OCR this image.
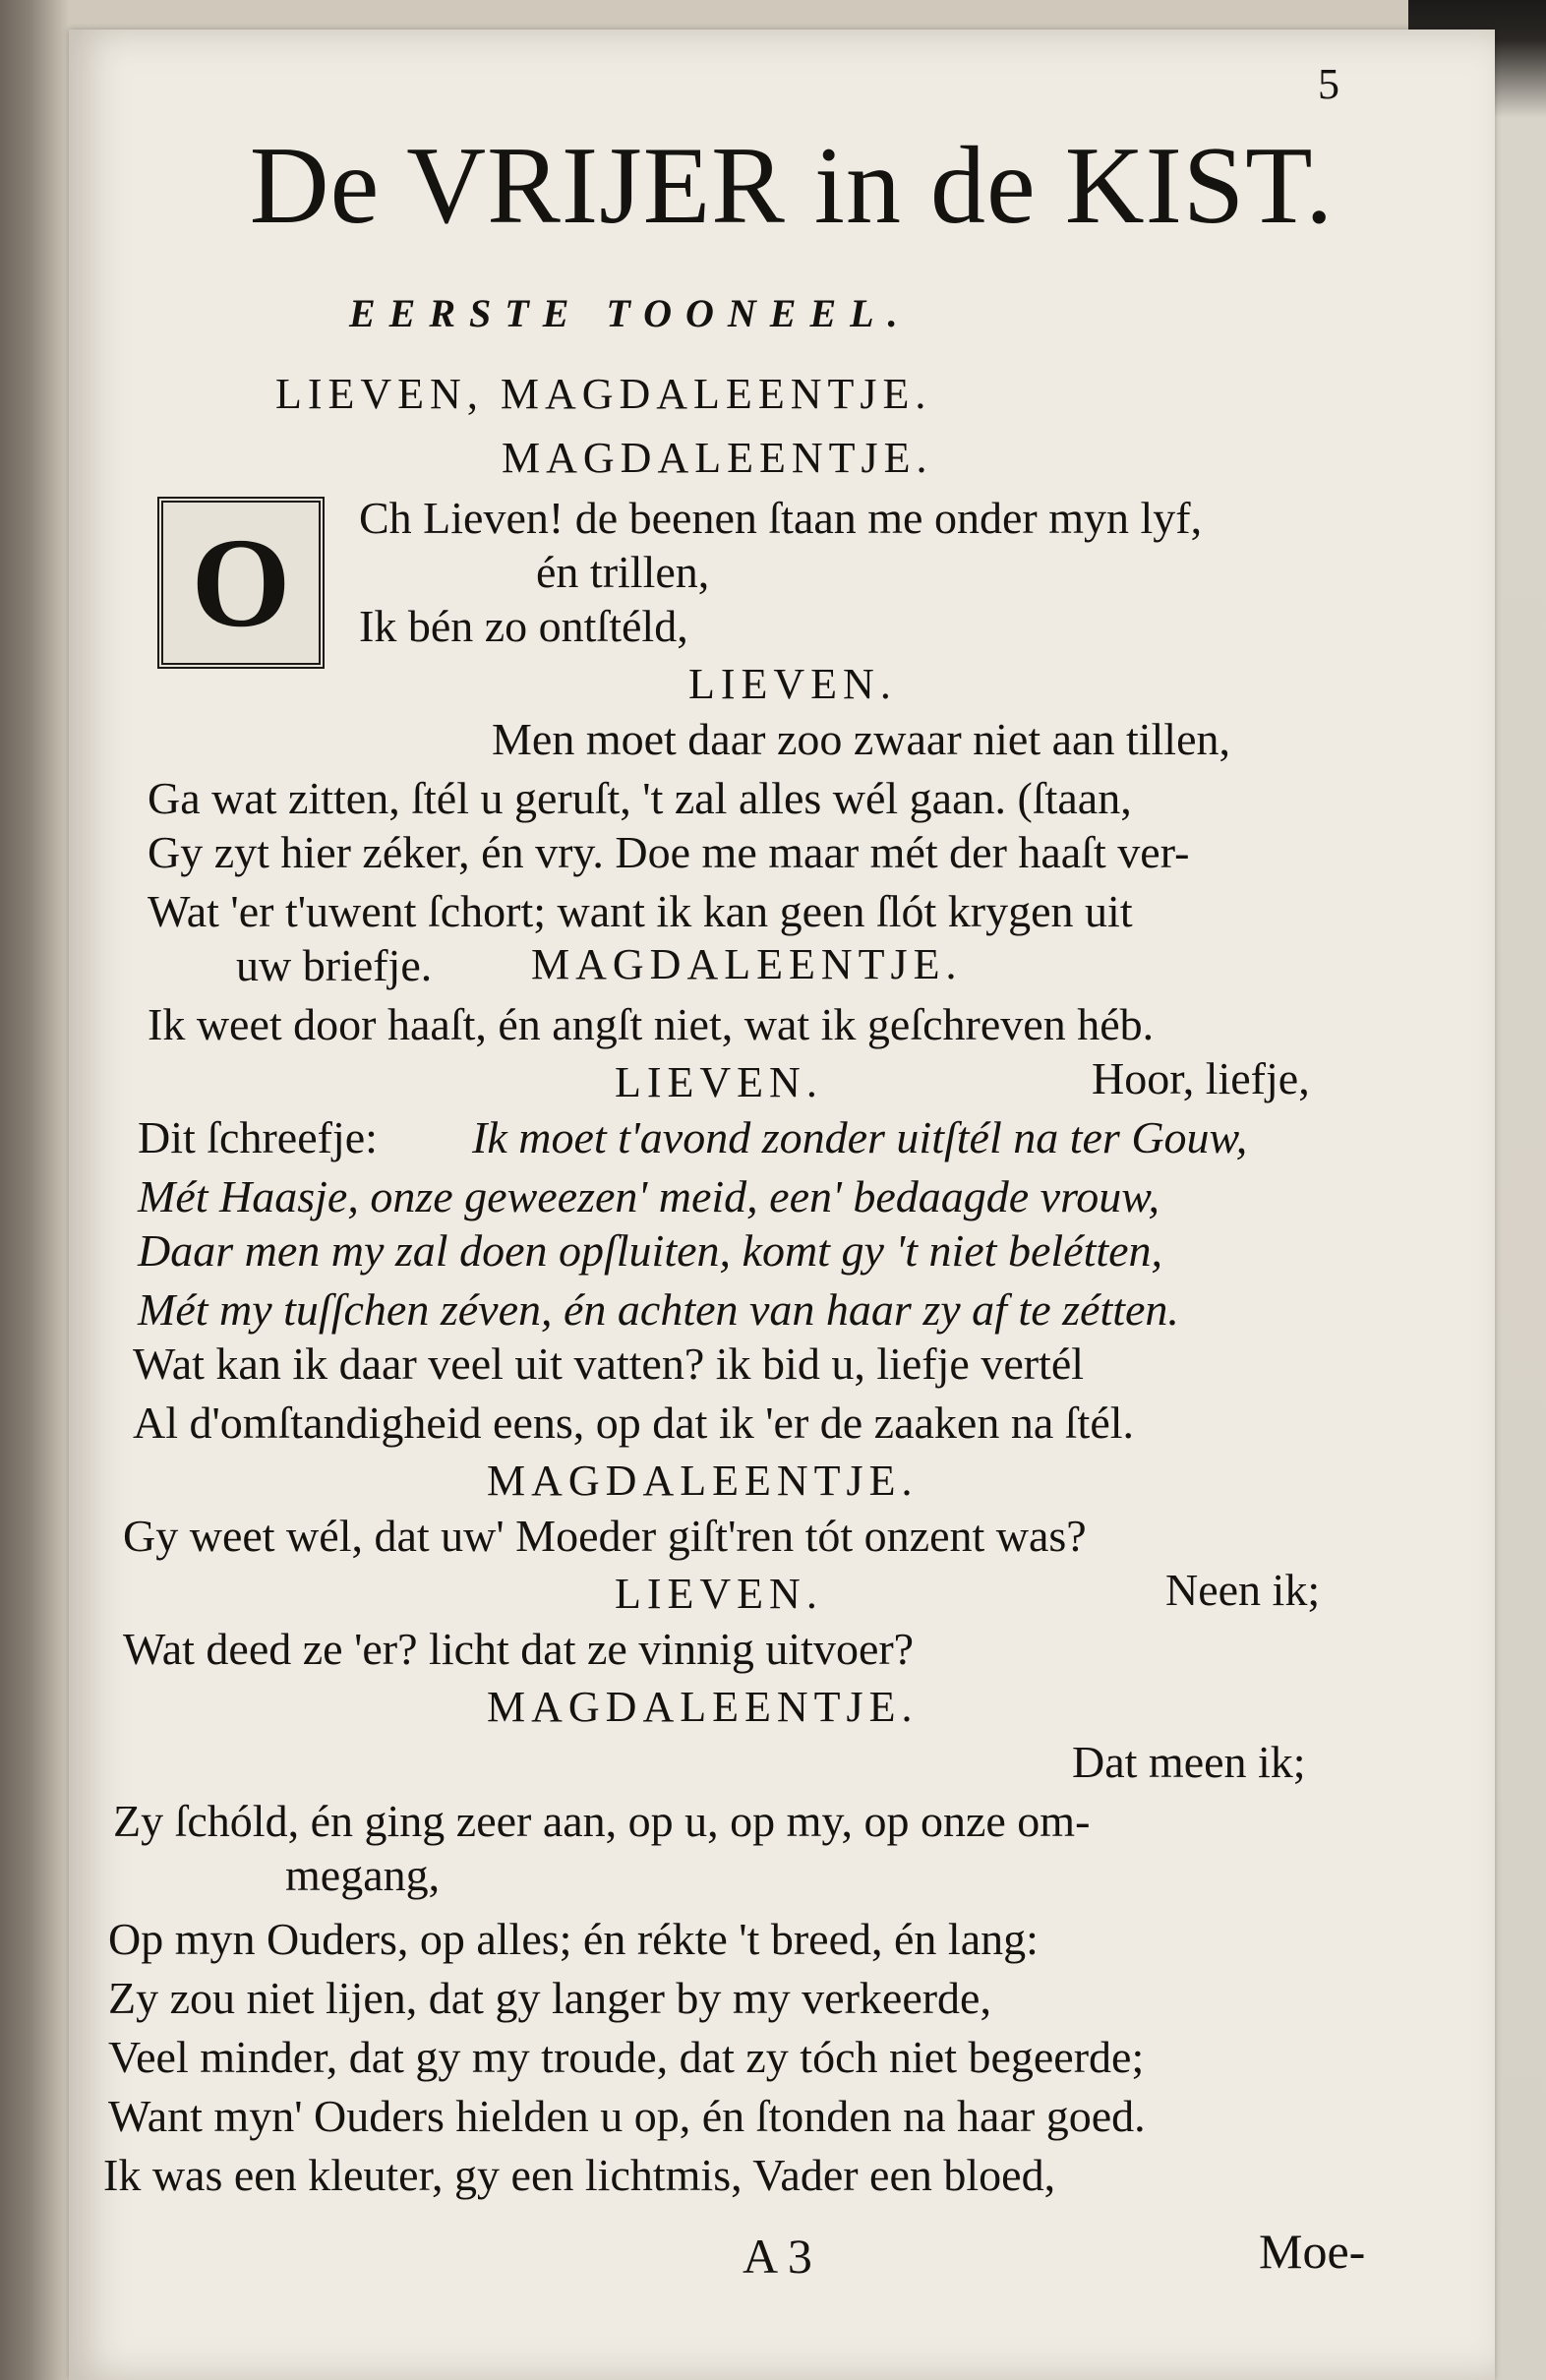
5
De VRIJER in de KIST.
EERSTE TOONEEL.
LIEVEN, MAGDALEENTJE.
O
MAGDALEENTJE.
Ch Lieven! de beenen ſtaan me onder myn lyf,
én trillen,
Ik bén zo ontſtéld,
LIEVEN.
Men moet daar zoo zwaar niet aan tillen,
Ga wat zitten, ſtél u geruſt, 't zal alles wél gaan. (ſtaan,
Gy zyt hier zéker, én vry. Doe me maar mét der haaſt ver-
Wat 'er t'uwent ſchort; want ik kan geen ſlót krygen uit
uw briefje. MAGDALEENTJE.
Ik weet door haaſt, én angſt niet, wat ik geſchreven héb.
LIEVEN.	Hoor, liefje,
Dit ſchreefje: Ik moet t'avond zonder uitſtél na ter Gouw,
Mét Haasje, onze geweezen' meid, een' bedaagde vrouw,
Daar men my zal doen opſluiten, komt gy 't niet belétten,
Mét my tuſſchen zéven, én achten van haar zy af te zétten.
Wat kan ik daar veel uit vatten? ik bid u, liefje vertél
Al d'omſtandigheid eens, op dat ik 'er de zaaken na ſtél.
MAGDALEENTJE.
Gy weet wél, dat uw' Moeder giſt'ren tót onzent was?
LIEVEN.	Neen ik;
Wat deed ze 'er? licht dat ze vinnig uitvoer?
MAGDALEENTJE.
Dat meen ik;
Zy ſchóld, én ging zeer aan, op u, op my, op onze om-
megang,
Op myn Ouders, op alles; én rékte 't breed, én lang:
Zy zou niet lijen, dat gy langer by my verkeerde,
Veel minder, dat gy my troude, dat zy tóch niet begeerde;
Want myn' Ouders hielden u op, én ſtonden na haar goed.
Ik was een kleuter, gy een lichtmis, Vader een bloed,
A 3	Moe-
